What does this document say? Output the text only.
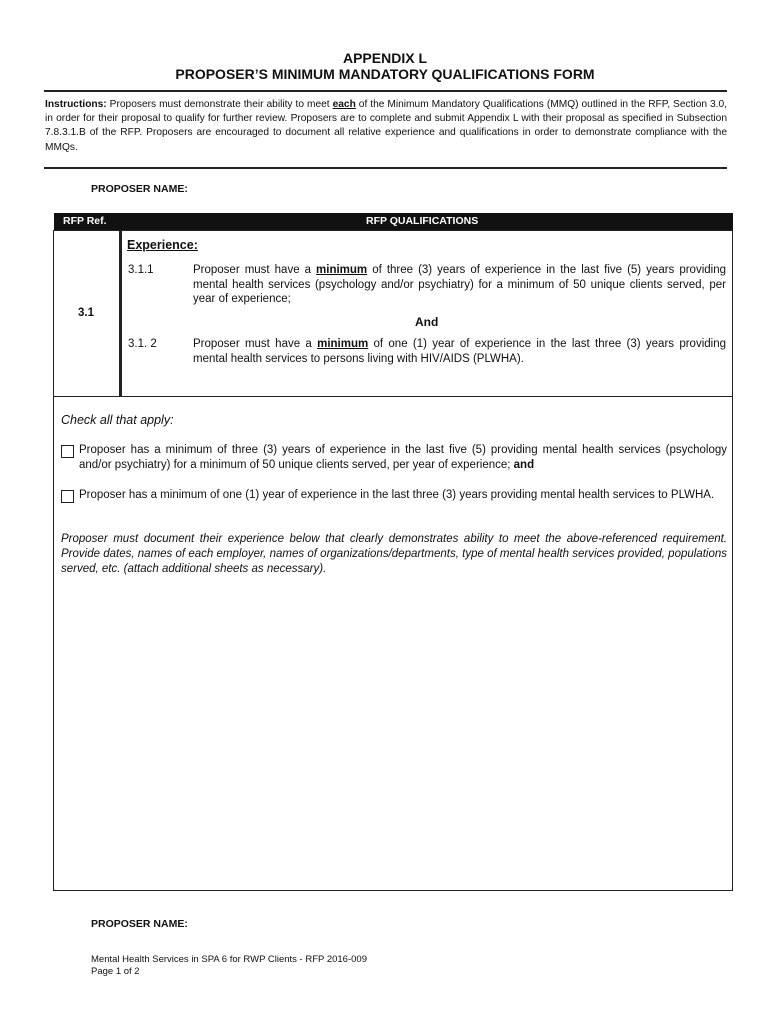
APPENDIX L
PROPOSER’S MINIMUM MANDATORY QUALIFICATIONS FORM
Instructions: Proposers must demonstrate their ability to meet each of the Minimum Mandatory Qualifications (MMQ) outlined in the RFP, Section 3.0, in order for their proposal to qualify for further review. Proposers are to complete and submit Appendix L with their proposal as specified in Subsection 7.8.3.1.B of the RFP. Proposers are encouraged to document all relative experience and qualifications in order to demonstrate compliance with the MMQs.
PROPOSER NAME:
RFP Ref.	RFP QUALIFICATIONS
3.1
Experience:
3.1.1	Proposer must have a minimum of three (3) years of experience in the last five (5) years providing mental health services (psychology and/or psychiatry) for a minimum of 50 unique clients served, per year of experience;
And
3.1. 2	Proposer must have a minimum of one (1) year of experience in the last three (3) years providing mental health services to persons living with HIV/AIDS (PLWHA).
Check all that apply:
Proposer has a minimum of three (3) years of experience in the last five (5) providing mental health services (psychology and/or psychiatry) for a minimum of 50 unique clients served, per year of experience; and
Proposer has a minimum of one (1) year of experience in the last three (3) years providing mental health services to PLWHA.
Proposer must document their experience below that clearly demonstrates ability to meet the above-referenced requirement. Provide dates, names of each employer, names of organizations/departments, type of mental health services provided, populations served, etc. (attach additional sheets as necessary).
PROPOSER NAME:
Mental Health Services in SPA 6 for RWP Clients - RFP 2016-009
Page 1 of 2
